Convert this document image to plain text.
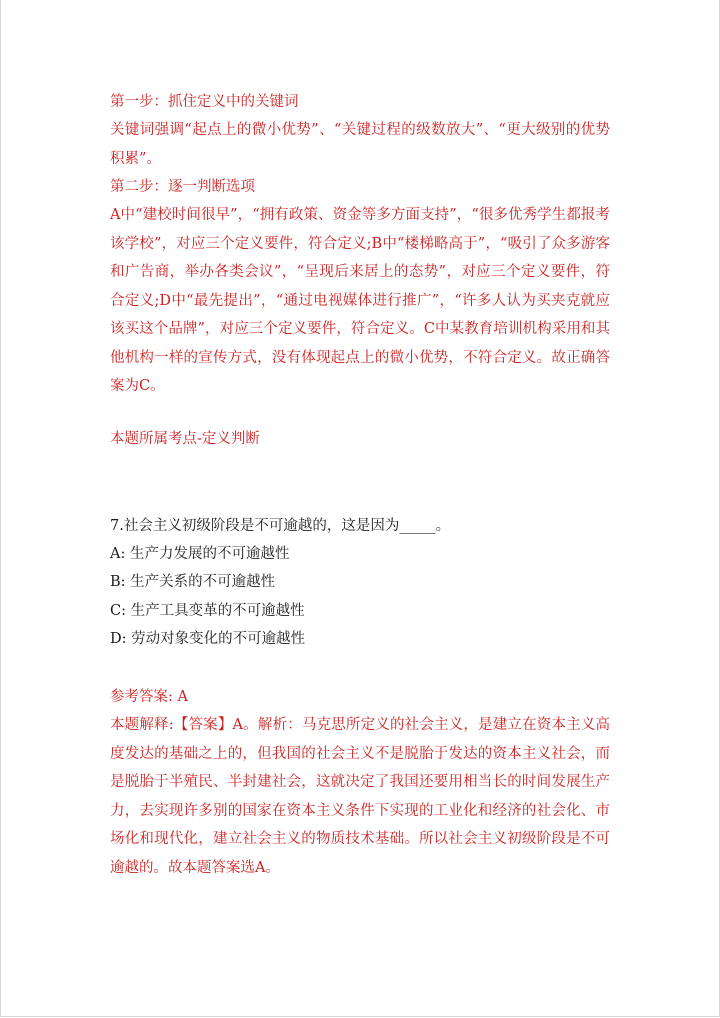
第一步：抓住定义中的关键词

关键词强调“起点上的微小优势”、“关键过程的级数放大”、“更大级别的优势积累”。

第二步：逐一判断选项

A中“建校时间很早”，“拥有政策、资金等多方面支持”，“很多优秀学生都报考该学校”，对应三个定义要件，符合定义;B中“楼梯略高于”，“吸引了众多游客和广告商，举办各类会议”，“呈现后来居上的态势”，对应三个定义要件，符合定义;D中“最先提出”，“通过电视媒体进行推广”，“许多人认为买夹克就应该买这个品牌”，对应三个定义要件，符合定义。C中某教育培训机构采用和其他机构一样的宣传方式，没有体现起点上的微小优势，不符合定义。故正确答案为C。

本题所属考点-定义判断

7.社会主义初级阶段是不可逾越的，这是因为_____。

A: 生产力发展的不可逾越性

B: 生产关系的不可逾越性

C: 生产工具变革的不可逾越性

D: 劳动对象变化的不可逾越性

参考答案: A

本题解释:【答案】A。解析：马克思所定义的社会主义，是建立在资本主义高度发达的基础之上的，但我国的社会主义不是脱胎于发达的资本主义社会，而是脱胎于半殖民、半封建社会，这就决定了我国还要用相当长的时间发展生产力，去实现许多别的国家在资本主义条件下实现的工业化和经济的社会化、市场化和现代化，建立社会主义的物质技术基础。所以社会主义初级阶段是不可逾越的。故本题答案选A。
